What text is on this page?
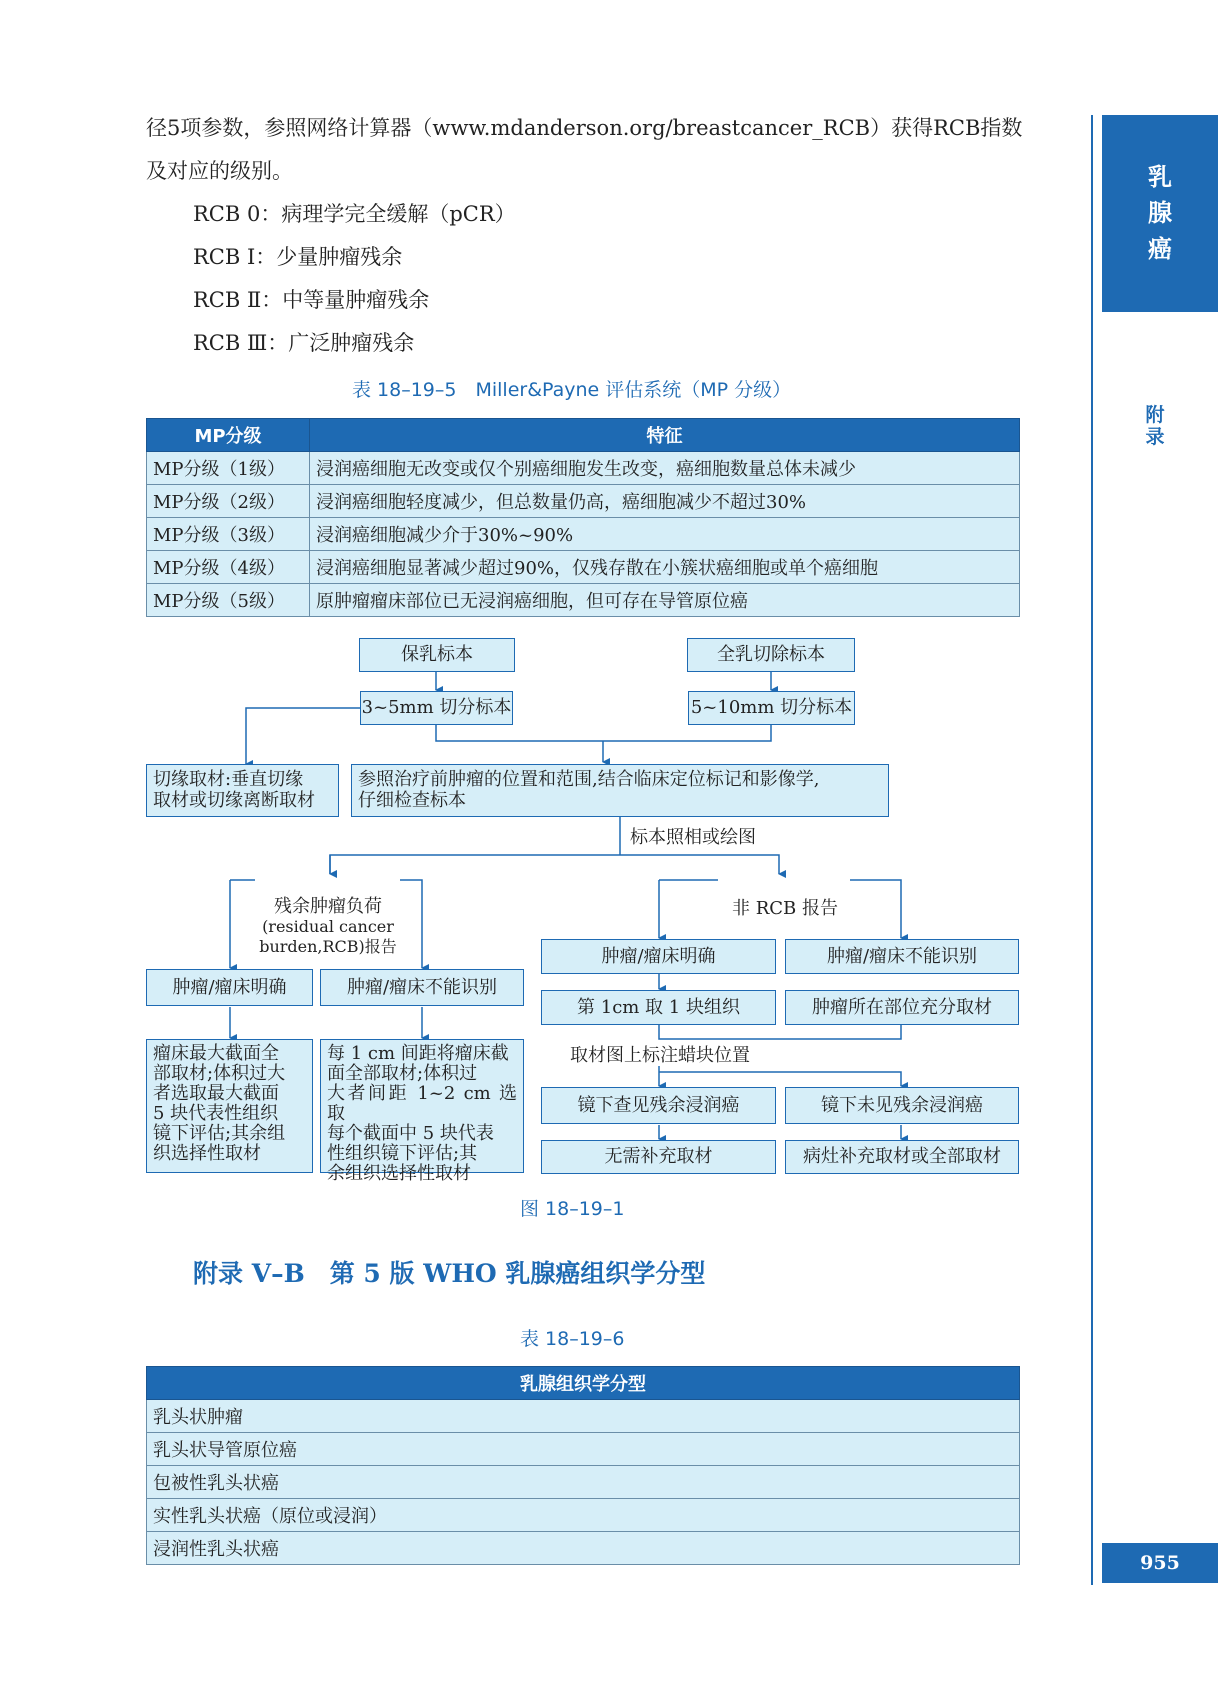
乳
腺
癌
附
录
955
径5项参数，参照网络计算器（www.mdanderson.org/breastcancer_RCB）获得RCB指数
及对应的级别。
RCB 0：病理学完全缓解（pCR）
RCB Ⅰ：少量肿瘤残余
RCB Ⅱ：中等量肿瘤残余
RCB Ⅲ：广泛肿瘤残余
表 18–19–5　Miller&Payne 评估系统（MP 分级）
MP分级	特征
MP分级（1级）	浸润癌细胞无改变或仅个别癌细胞发生改变，癌细胞数量总体未减少
MP分级（2级）	浸润癌细胞轻度减少，但总数量仍高，癌细胞减少不超过30%
MP分级（3级）	浸润癌细胞减少介于30%~90%
MP分级（4级）	浸润癌细胞显著减少超过90%，仅残存散在小簇状癌细胞或单个癌细胞
MP分级（5级）	原肿瘤瘤床部位已无浸润癌细胞，但可存在导管原位癌
保乳标本	全乳切除标本
3~5mm 切分标本	5~10mm 切分标本
切缘取材:垂直切缘
取材或切缘离断取材
参照治疗前肿瘤的位置和范围,结合临床定位标记和影像学,
仔细检查标本
标本照相或绘图
残余肿瘤负荷
(residual cancer
burden,RCB)报告
非 RCB 报告
肿瘤/瘤床明确	肿瘤/瘤床不能识别
肿瘤/瘤床明确	肿瘤/瘤床不能识别
瘤床最大截面全
部取材;体积过大
者选取最大截面
5 块代表性组织
镜下评估;其余组
织选择性取材
每 1 cm 间距将瘤床截
面全部取材;体积过
大者间距 1~2 cm 选取
每个截面中 5 块代表
性组织镜下评估;其
余组织选择性取材
第 1cm 取 1 块组织	肿瘤所在部位充分取材
取材图上标注蜡块位置
镜下查见残余浸润癌	镜下未见残余浸润癌
无需补充取材	病灶补充取材或全部取材
图 18–19–1
附录 V–B　第 5 版 WHO 乳腺癌组织学分型
表 18–19–6
乳腺组织学分型
乳头状肿瘤
乳头状导管原位癌
包被性乳头状癌
实性乳头状癌（原位或浸润）
浸润性乳头状癌
